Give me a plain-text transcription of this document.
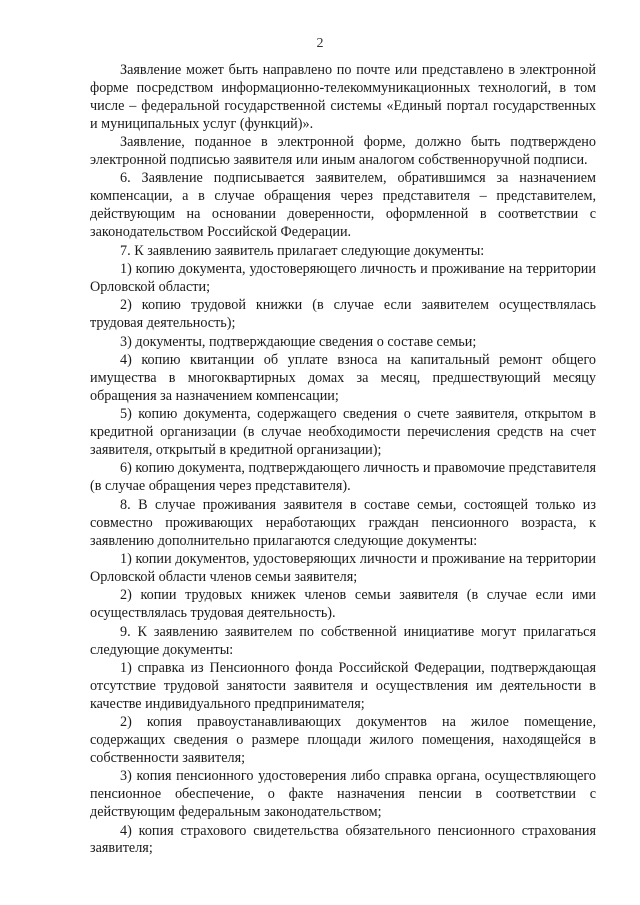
2

Заявление может быть направлено по почте или представлено в электронной форме посредством информационно-телекоммуникационных технологий, в том числе – федеральной государственной системы «Единый портал государственных и муниципальных услуг (функций)».

Заявление, поданное в электронной форме, должно быть подтверждено электронной подписью заявителя или иным аналогом собственноручной подписи.

6. Заявление подписывается заявителем, обратившимся за назначением компенсации, а в случае обращения через представителя – представителем, действующим на основании доверенности, оформленной в соответствии с законодательством Российской Федерации.

7. К заявлению заявитель прилагает следующие документы:

1) копию документа, удостоверяющего личность и проживание на территории Орловской области;

2) копию трудовой книжки (в случае если заявителем осуществлялась трудовая деятельность);

3) документы, подтверждающие сведения о составе семьи;

4) копию квитанции об уплате взноса на капитальный ремонт общего имущества в многоквартирных домах за месяц, предшествующий месяцу обращения за назначением компенсации;

5) копию документа, содержащего сведения о счете заявителя, открытом в кредитной организации (в случае необходимости перечисления средств на счет заявителя, открытый в кредитной организации);

6) копию документа, подтверждающего личность и правомочие представителя (в случае обращения через представителя).

8. В случае проживания заявителя в составе семьи, состоящей только из совместно проживающих неработающих граждан пенсионного возраста, к заявлению дополнительно прилагаются следующие документы:

1) копии документов, удостоверяющих личности и проживание на территории Орловской области членов семьи заявителя;

2) копии трудовых книжек членов семьи заявителя (в случае если ими осуществлялась трудовая деятельность).

9. К заявлению заявителем по собственной инициативе могут прилагаться следующие документы:

1) справка из Пенсионного фонда Российской Федерации, подтверждающая отсутствие трудовой занятости заявителя и осуществления им деятельности в качестве индивидуального предпринимателя;

2) копия правоустанавливающих документов на жилое помещение, содержащих сведения о размере площади жилого помещения, находящейся в собственности заявителя;

3) копия пенсионного удостоверения либо справка органа, осуществляющего пенсионное обеспечение, о факте назначения пенсии в соответствии с действующим федеральным законодательством;

4) копия страхового свидетельства обязательного пенсионного страхования заявителя;
